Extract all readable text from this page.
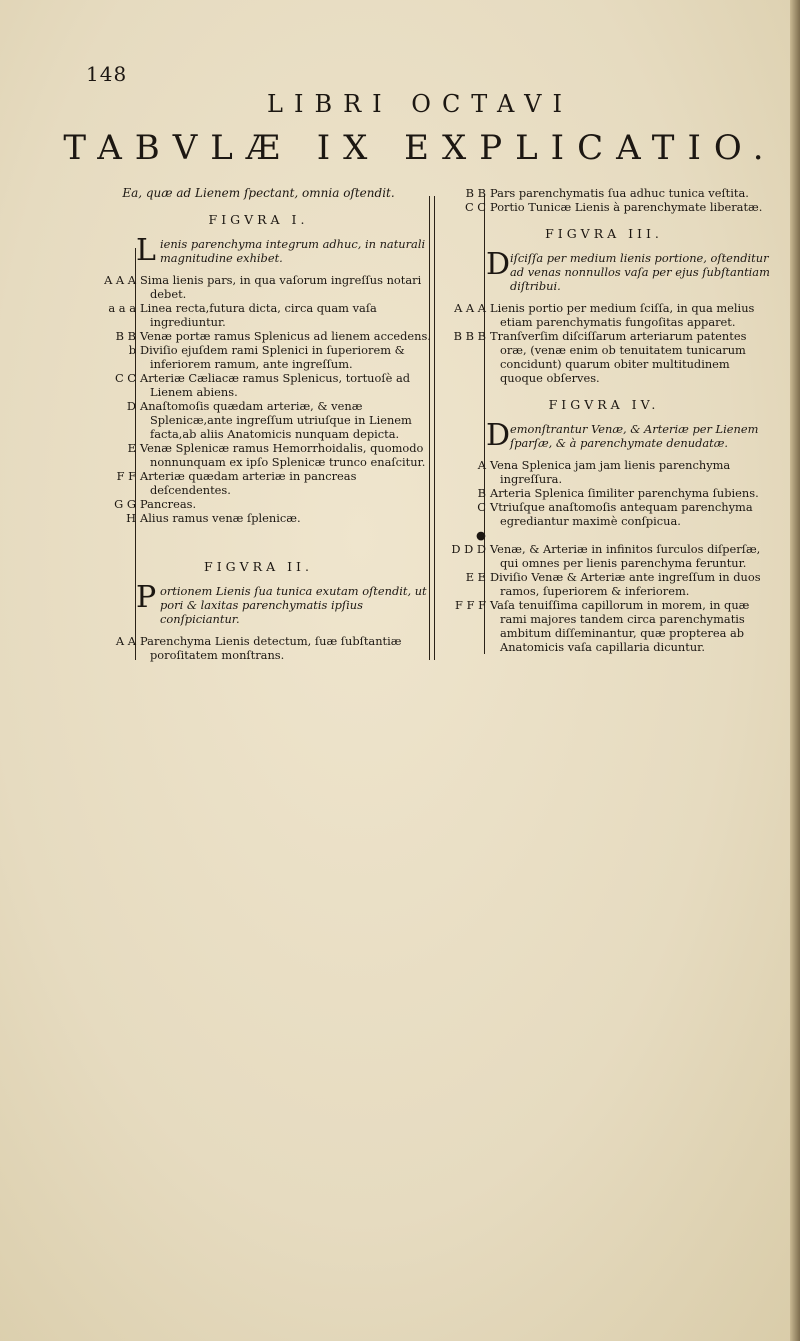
148
LIBRI OCTAVI
TABVLÆ IX EXPLICATIO.
Ea, quæ ad Lienem ſpectant, omnia oſtendit.
FIGVRA I.
L ienis parenchyma integrum adhuc, in naturali magnitudine exhibet.
A A A Sima lienis pars, in qua vaſorum ingreſſus notari debet.
a a a Linea recta,futura dicta, circa quam vaſa ingrediuntur.
B B Venæ portæ ramus Splenicus ad lienem accedens.
b Diviſio ejuſdem rami Splenici in ſuperiorem & inferiorem ramum, ante ingreſſum.
C C Arteriæ Cæliacæ ramus Splenicus, tortuoſè ad Lienem abiens.
D Anaſtomoſis quædam arteriæ, & venæ Splenicæ,ante ingreſſum utriuſque in Lienem facta,ab aliis Anatomicis nunquam depicta.
E Venæ Splenicæ ramus Hemorrhoidalis, quomodo nonnunquam ex ipſo Splenicæ trunco enaſcitur.
F F Arteriæ quædam arteriæ in pancreas deſcendentes.
G G Pancreas.
H Alius ramus venæ ſplenicæ.
FIGVRA II.
P ortionem Lienis ſua tunica exutam oſtendit, ut pori & laxitas parenchymatis ipſius conſpiciantur.
A A Parenchyma Lienis detectum, ſuæ ſubſtantiæ poroſitatem monſtrans.
B B Pars parenchymatis ſua adhuc tunica veſtita.
C C Portio Tunicæ Lienis à parenchymate liberatæ.
FIGVRA III.
D iſciſſa per medium lienis portione, oſtenditur ad venas nonnullos vaſa per ejus ſubſtantiam diſtribui.
A A A Lienis portio per medium ſciſſa, in qua melius etiam parenchymatis fungoſitas apparet.
B B B Tranſverſim diſciſſarum arteriarum patentes oræ, (venæ enim ob tenuitatem tunicarum concidunt) quarum obiter multitudinem quoque obſerves.
FIGVRA IV.
D emonſtrantur Venæ, & Arteriæ per Lienem ſparſæ, & à parenchymate denudatæ.
A Vena Splenica jam jam lienis parenchyma ingreſſura.
B Arteria Splenica ſimiliter parenchyma ſubiens.
C Vtriuſque anaſtomoſis antequam parenchyma egrediantur maximè conſpicua.
●
D D D Venæ, & Arteriæ in infinitos ſurculos diſperſæ, qui omnes per lienis parenchyma feruntur.
E E Diviſio Venæ & Arteriæ ante ingreſſum in duos ramos, ſuperiorem & inferiorem.
F F F Vaſa tenuiſſima capillorum in morem, in quæ rami majores tandem circa parenchymatis ambitum diſſeminantur, quæ propterea ab Anatomicis vaſa capillaria dicuntur.
